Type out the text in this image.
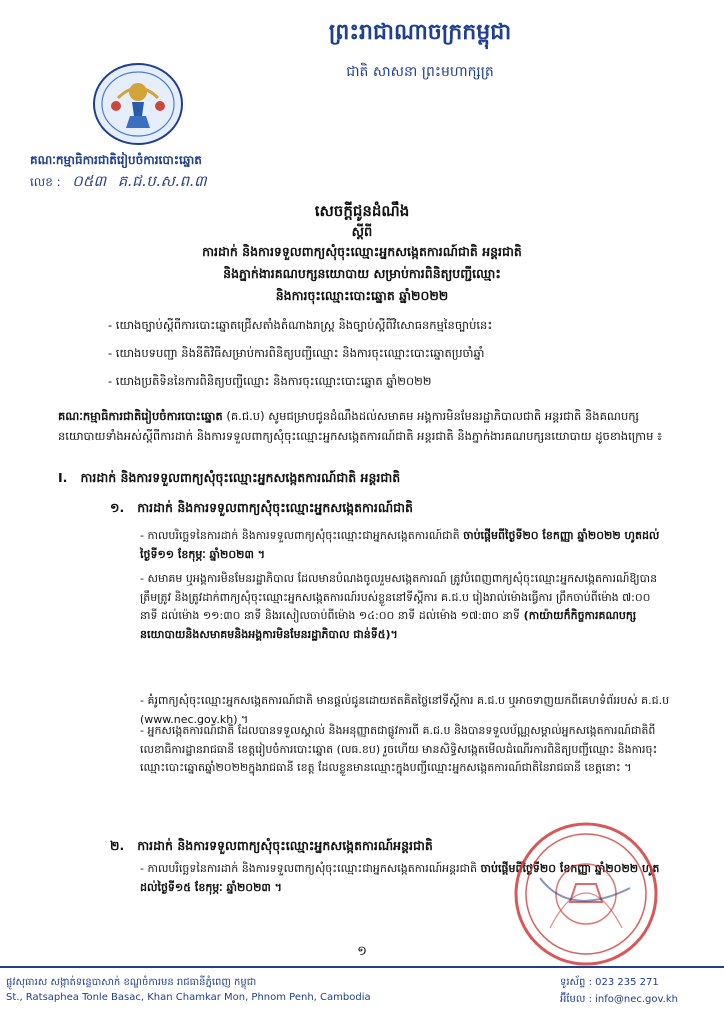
ព្រះរាជាណាចក្រកម្ពុជា
ជាតិ សាសនា ព្រះមហាក្សត្រ
គណៈកម្មាធិការជាតិរៀបចំការបោះឆ្នោត
លេខ : ០៥៣ គ.ជ.ប.ស.ព.៣
សេចក្ដីជូនដំណឹង
ស្ដីពី
ការដាក់ និងការទទួលពាក្យសុំចុះឈ្មោះអ្នកសង្កេតការណ៍ជាតិ អន្តរជាតិ
និងភ្នាក់ងារគណបក្សនយោបាយ សម្រាប់ការពិនិត្យបញ្ជីឈ្មោះ
និងការចុះឈ្មោះបោះឆ្នោត ឆ្នាំ២០២២
- យោងច្បាប់ស្ដីពីការបោះឆ្នោតជ្រើសតាំងតំណាងរាស្ត្រ និងច្បាប់ស្ដីពីវិសោធនកម្មនៃច្បាប់នេះ
- យោងបទបញ្ជា និងនីតិវិធីសម្រាប់ការពិនិត្យបញ្ជីឈ្មោះ និងការចុះឈ្មោះបោះឆ្នោតប្រចាំឆ្នាំ
- យោងប្រតិទិននៃការពិនិត្យបញ្ជីឈ្មោះ និងការចុះឈ្មោះបោះឆ្នោត ឆ្នាំ២០២២
គណៈកម្មាធិការជាតិរៀបចំការបោះឆ្នោត (គ.ជ.ប) សូមជម្រាបជូនដំណឹងដល់សមាគម អង្គការមិនមែនរដ្ឋាភិបាលជាតិ អន្តរជាតិ និងគណបក្សនយោបាយទាំងអស់ស្ដីពីការដាក់ និងការទទួលពាក្យសុំចុះឈ្មោះអ្នកសង្កេតការណ៍ជាតិ អន្តរជាតិ និងភ្នាក់ងារគណបក្សនយោបាយ ដូចខាងក្រោម ៖
I. ការដាក់ និងការទទួលពាក្យសុំចុះឈ្មោះអ្នកសង្កេតការណ៍ជាតិ អន្តរជាតិ
១. ការដាក់ និងការទទួលពាក្យសុំចុះឈ្មោះអ្នកសង្កេតការណ៍ជាតិ
- កាលបរិច្ឆេទនៃការដាក់ និងការទទួលពាក្យសុំចុះឈ្មោះជាអ្នកសង្កេតការណ៍ជាតិ ចាប់ផ្ដើមពីថ្ងៃទី២០ ខែកញ្ញា ឆ្នាំ២០២២ ហូតដល់ថ្ងៃទី១១ ខែកុម្ភៈ ឆ្នាំ២០២៣ ។
- សមាគម ឬអង្គការមិនមែនរដ្ឋាភិបាល ដែលមានបំណងចូលរួមសង្កេតការណ៍ ត្រូវបំពេញពាក្យសុំចុះឈ្មោះអ្នកសង្កេតការណ៍ឱ្យបានត្រឹមត្រូវ និងត្រូវដាក់ពាក្យសុំចុះឈ្មោះអ្នកសង្កេតការណ៍របស់ខ្លួននៅទីស្ដីការ គ.ជ.ប រៀងរាល់ម៉ោងធ្វើការ ព្រឹកចាប់ពីម៉ោង ៧:០០ នាទី ដល់ម៉ោង ១១:៣០ នាទី និងរសៀលចាប់ពីម៉ោង ១៤:០០ នាទី ដល់ម៉ោង ១៧:៣០ នាទី (កាយ៉ាយក៏កិច្ចការគណបក្សនយោបាយនិងសមាគមនិងអង្គការមិនមែនរដ្ឋាភិបាល ជាន់ទី៥)។
- គំរូពាក្យសុំចុះឈ្មោះអ្នកសង្កេតការណ៍ជាតិ មានផ្ដល់ជូនដោយឥតគិតថ្លៃនៅទីស្ដីការ គ.ជ.ប ឬអាចទាញយកពីគេហទំព័ររបស់ គ.ជ.ប (www.nec.gov.kh) ។
- អ្នកសង្កេតការណ៍ជាតិ ដែលបានទទួលស្គាល់ និងអនុញ្ញាតជាផ្លូវការពី គ.ជ.ប និងបានទទួលប័ណ្ណសម្គាល់អ្នកសង្កេតការណ៍ជាតិពីលេខាធិការដ្ឋានរាជធានី ខេត្តរៀបចំការបោះឆ្នោត (លធ.ខប) រួចហើយ មានសិទ្ធិសង្កេតមើលដំណើរការពិនិត្យបញ្ជីឈ្មោះ និងការចុះឈ្មោះបោះឆ្នោតឆ្នាំ២០២២ក្នុងរាជធានី ខេត្ត ដែលខ្លួនមានឈ្មោះក្នុងបញ្ជីឈ្មោះអ្នកសង្កេតការណ៍ជាតិនៃរាជធានី ខេត្តនោះ ។
២. ការដាក់ និងការទទួលពាក្យសុំចុះឈ្មោះអ្នកសង្កេតការណ៍អន្តរជាតិ
- កាលបរិច្ឆេទនៃការដាក់ និងការទទួលពាក្យសុំចុះឈ្មោះជាអ្នកសង្កេតការណ៍អន្តរជាតិ ចាប់ផ្ដើមពីថ្ងៃទី២០ ខែកញ្ញា ឆ្នាំ២០២២ ហូតដល់ថ្ងៃទី១៥ ខែកុម្ភៈ ឆ្នាំ២០២៣ ។
១
ផ្លូវសុធារស សង្កាត់ទន្លេបាសាក់ ខណ្ឌចំការមន រាជធានីភ្នំពេញ កម្ពុជា
St., Ratsaphea Tonle Basac, Khan Chamkar Mon, Phnom Penh, Cambodia
ទូរស័ព្ទ : 023 235 271
អ៊ីមែល : info@nec.gov.kh
